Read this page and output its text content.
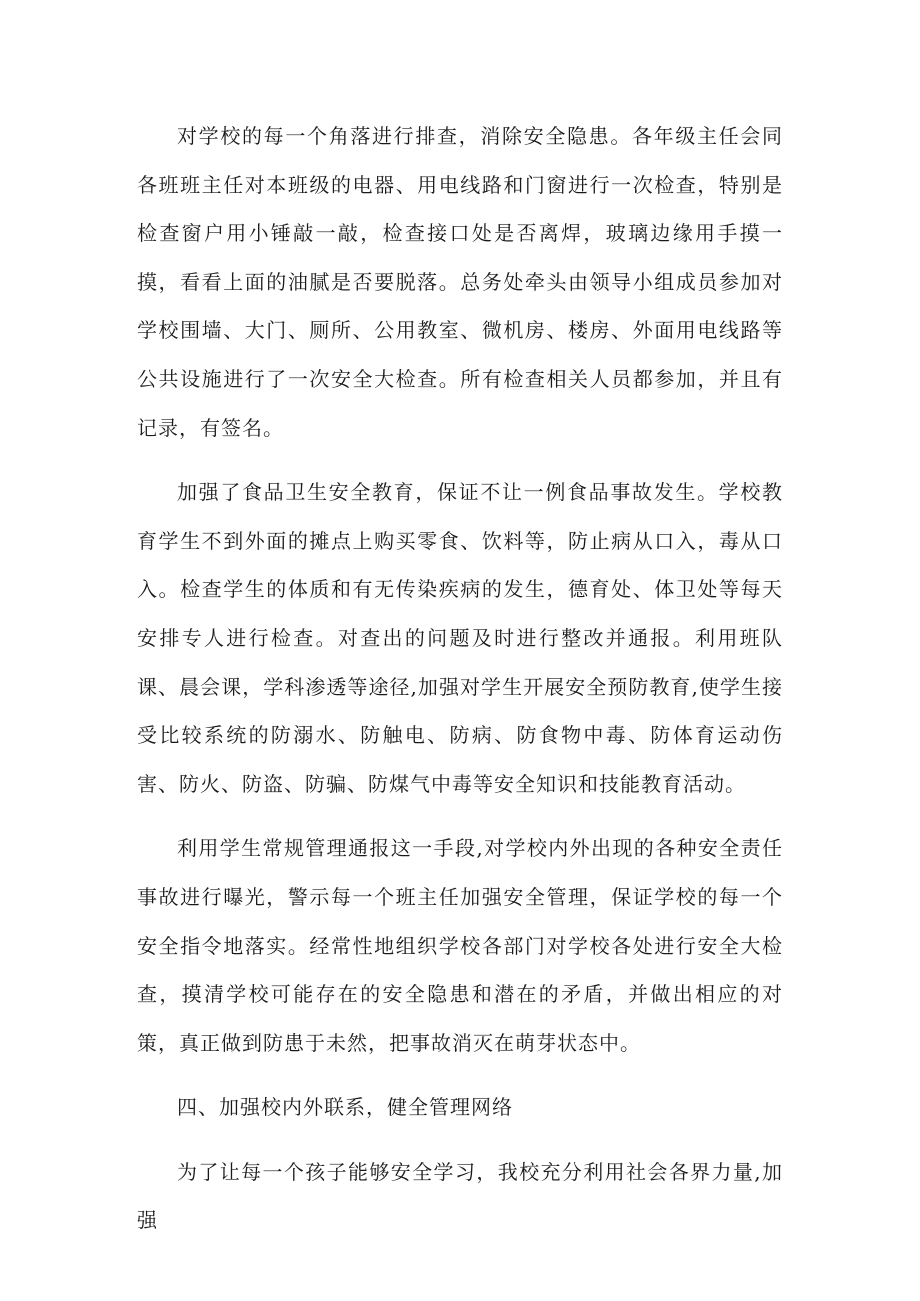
对学校的每一个角落进行排查，消除安全隐患。各年级主任会同各班班主任对本班级的电器、用电线路和门窗进行一次检查，特别是检查窗户用小锤敲一敲，检查接口处是否离焊，玻璃边缘用手摸一摸，看看上面的油腻是否要脱落。总务处牵头由领导小组成员参加对学校围墙、大门、厕所、公用教室、微机房、楼房、外面用电线路等公共设施进行了一次安全大检查。所有检查相关人员都参加，并且有记录，有签名。

加强了食品卫生安全教育，保证不让一例食品事故发生。学校教育学生不到外面的摊点上购买零食、饮料等，防止病从口入，毒从口入。检查学生的体质和有无传染疾病的发生，德育处、体卫处等每天安排专人进行检查。对查出的问题及时进行整改并通报。利用班队课、晨会课，学科渗透等途径,加强对学生开展安全预防教育,使学生接受比较系统的防溺水、防触电、防病、防食物中毒、防体育运动伤害、防火、防盗、防骗、防煤气中毒等安全知识和技能教育活动。

利用学生常规管理通报这一手段,对学校内外出现的各种安全责任事故进行曝光，警示每一个班主任加强安全管理，保证学校的每一个安全指令地落实。经常性地组织学校各部门对学校各处进行安全大检查，摸清学校可能存在的安全隐患和潜在的矛盾，并做出相应的对策，真正做到防患于未然，把事故消灭在萌芽状态中。

四、加强校内外联系，健全管理网络

为了让每一个孩子能够安全学习，我校充分利用社会各界力量,加强
